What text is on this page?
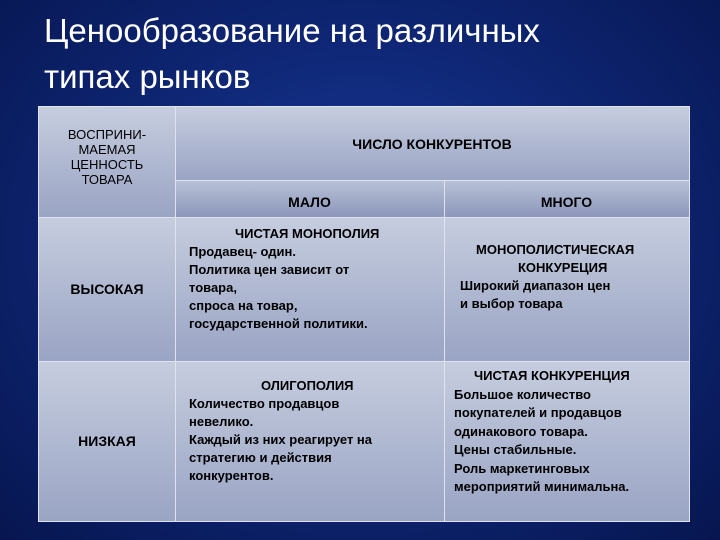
Ценообразование на различных
типах рынков
ВОСПРИНИ-
МАЕМАЯ
ЦЕННОСТЬ
ТОВАРА
ЧИСЛО КОНКУРЕНТОВ
МАЛО	МНОГО
ВЫСОКАЯ
ЧИСТАЯ МОНОПОЛИЯ
Продавец- один.
Политика цен зависит от
товара,
спроса на товар,
государственной политики.
МОНОПОЛИСТИЧЕСКАЯ
КОНКУРЕЦИЯ
Широкий диапазон цен
и выбор товара
НИЗКАЯ
ОЛИГОПОЛИЯ
Количество продавцов
невелико.
Каждый из них реагирует на
стратегию и действия
конкурентов.
ЧИСТАЯ КОНКУРЕНЦИЯ
Большое количество
покупателей и продавцов
одинакового товара.
Цены стабильные.
Роль маркетинговых
мероприятий минимальна.
